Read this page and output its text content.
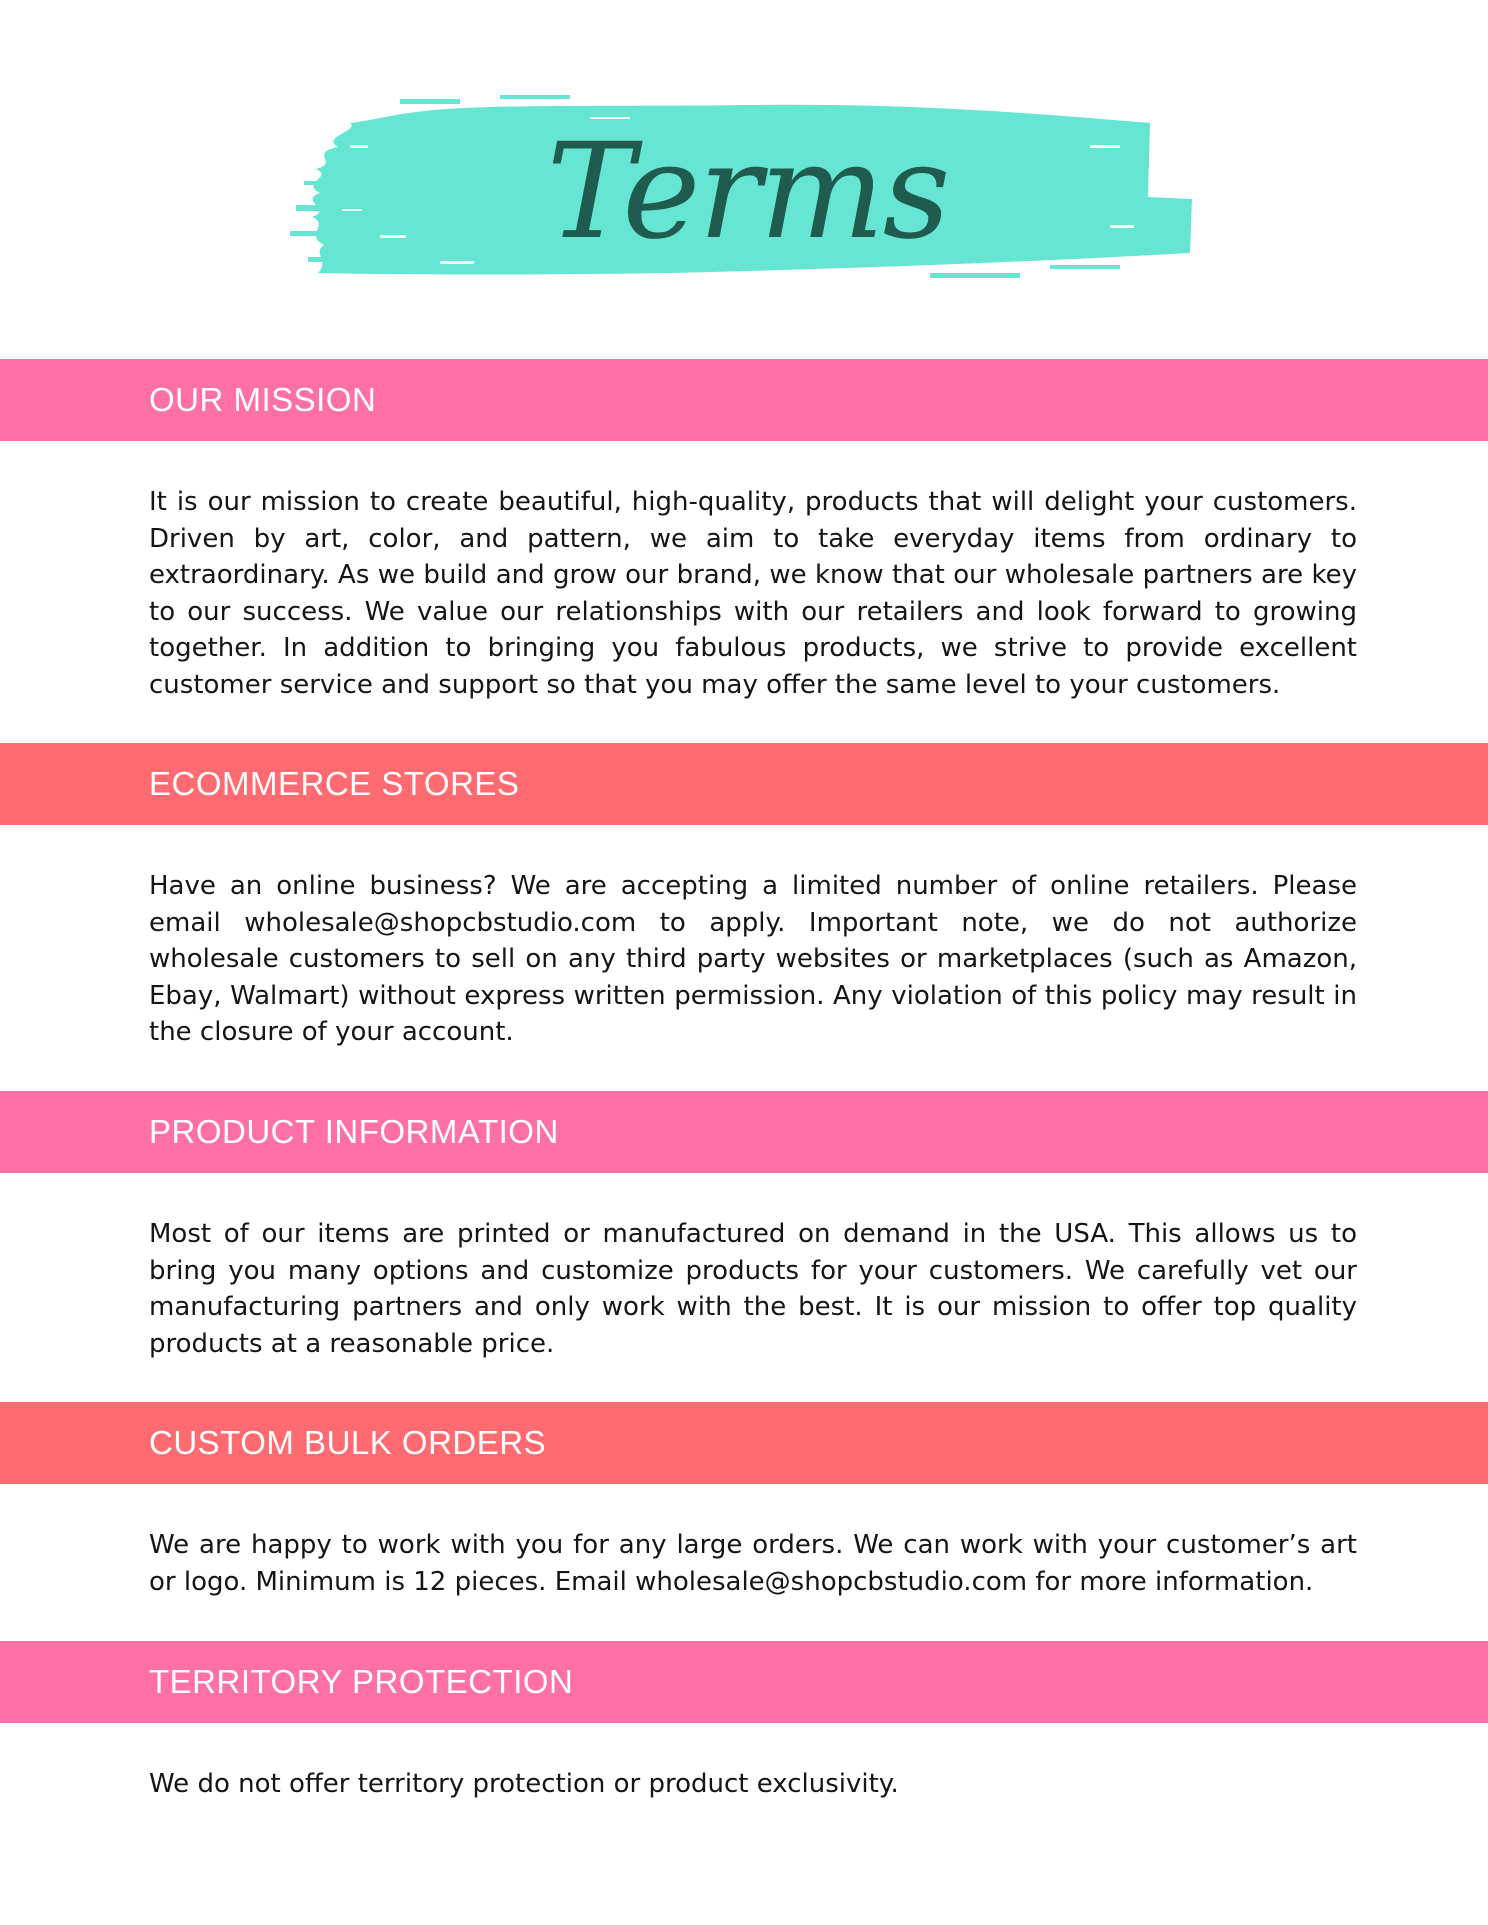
Terms
OUR MISSION

It is our mission to create beautiful, high-quality, products that will delight your customers. Driven by art, color, and pattern, we aim to take everyday items from ordinary to extraordinary. As we build and grow our brand, we know that our wholesale partners are key to our success. We value our relationships with our retailers and look forward to growing together. In addition to bringing you fabulous products, we strive to provide excellent customer service and support so that you may offer the same level to your customers.

ECOMMERCE STORES

Have an online business? We are accepting a limited number of online retailers. Please email wholesale@shopcbstudio.com to apply. Important note, we do not authorize wholesale customers to sell on any third party websites or marketplaces (such as Amazon, Ebay, Walmart) without express written permission. Any violation of this policy may result in the closure of your account.

PRODUCT INFORMATION

Most of our items are printed or manufactured on demand in the USA. This allows us to bring you many options and customize products for your customers. We carefully vet our manufacturing partners and only work with the best. It is our mission to offer top quality products at a reasonable price.

CUSTOM BULK ORDERS

We are happy to work with you for any large orders. We can work with your customer’s art or logo. Minimum is 12 pieces. Email wholesale@shopcbstudio.com for more information.

TERRITORY PROTECTION

We do not offer territory protection or product exclusivity.
